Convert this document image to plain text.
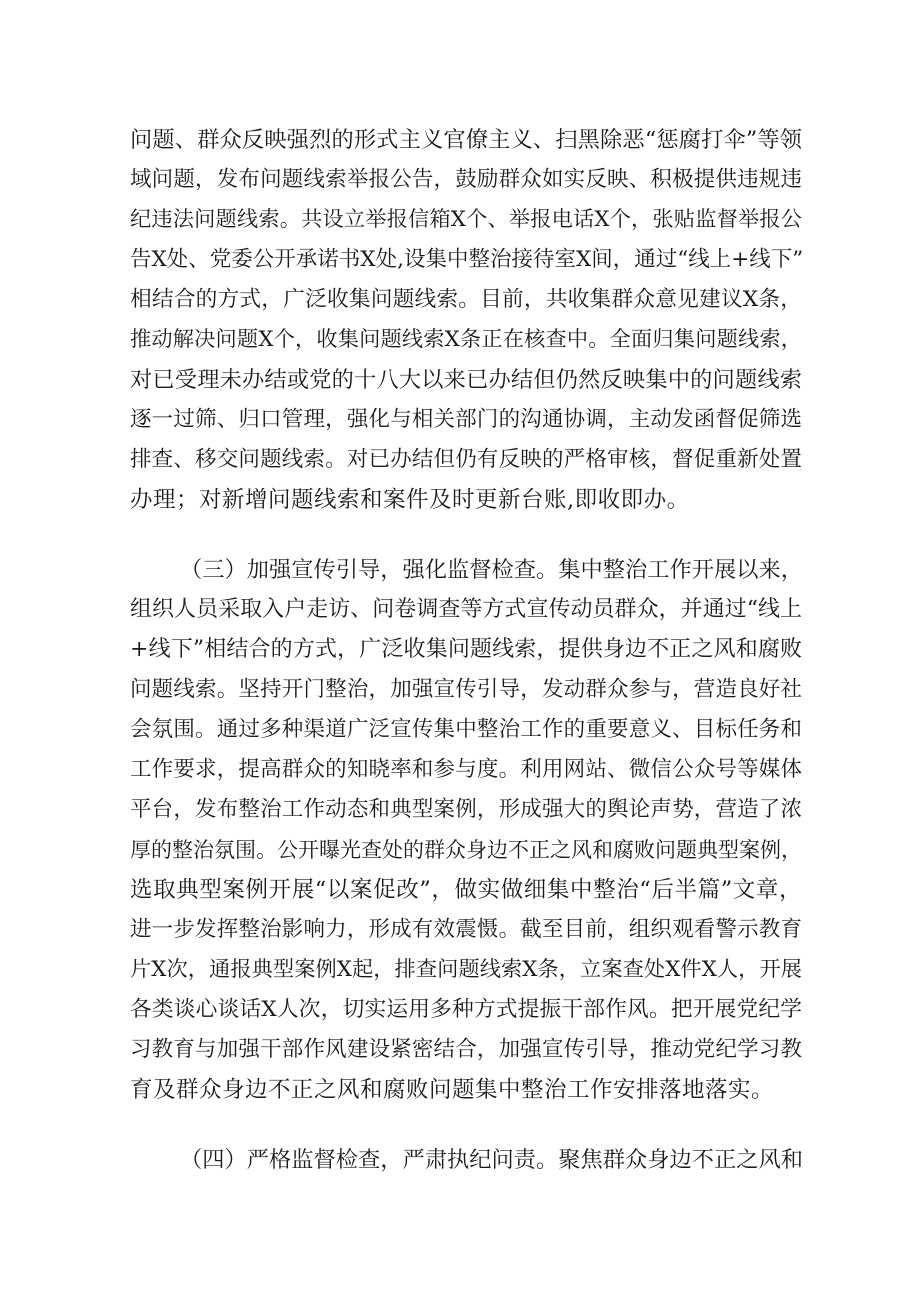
问题、群众反映强烈的形式主义官僚主义、扫黑除恶“惩腐打伞”等领

域问题，发布问题线索举报公告，鼓励群众如实反映、积极提供违规违

纪违法问题线索。共设立举报信箱X个、举报电话X个，张贴监督举报公

告X处、党委公开承诺书X处,设集中整治接待室X间，通过“线上+线下”

相结合的方式，广泛收集问题线索。目前，共收集群众意见建议X条，

推动解决问题X个，收集问题线索X条正在核查中。全面归集问题线索，

对已受理未办结或党的十八大以来已办结但仍然反映集中的问题线索

逐一过筛、归口管理，强化与相关部门的沟通协调，主动发函督促筛选

排查、移交问题线索。对已办结但仍有反映的严格审核，督促重新处置

办理；对新增问题线索和案件及时更新台账,即收即办。

（三）加强宣传引导，强化监督检查。集中整治工作开展以来，

组织人员采取入户走访、问卷调查等方式宣传动员群众，并通过“线上

+线下”相结合的方式，广泛收集问题线索，提供身边不正之风和腐败

问题线索。坚持开门整治，加强宣传引导，发动群众参与，营造良好社

会氛围。通过多种渠道广泛宣传集中整治工作的重要意义、目标任务和

工作要求，提高群众的知晓率和参与度。利用网站、微信公众号等媒体

平台，发布整治工作动态和典型案例，形成强大的舆论声势，营造了浓

厚的整治氛围。公开曝光查处的群众身边不正之风和腐败问题典型案例，

选取典型案例开展“以案促改”，做实做细集中整治“后半篇”文章，

进一步发挥整治影响力，形成有效震慑。截至目前，组织观看警示教育

片X次，通报典型案例X起，排查问题线索X条，立案查处X件X人，开展

各类谈心谈话X人次，切实运用多种方式提振干部作风。把开展党纪学

习教育与加强干部作风建设紧密结合，加强宣传引导，推动党纪学习教

育及群众身边不正之风和腐败问题集中整治工作安排落地落实。

（四）严格监督检查，严肃执纪问责。聚焦群众身边不正之风和
